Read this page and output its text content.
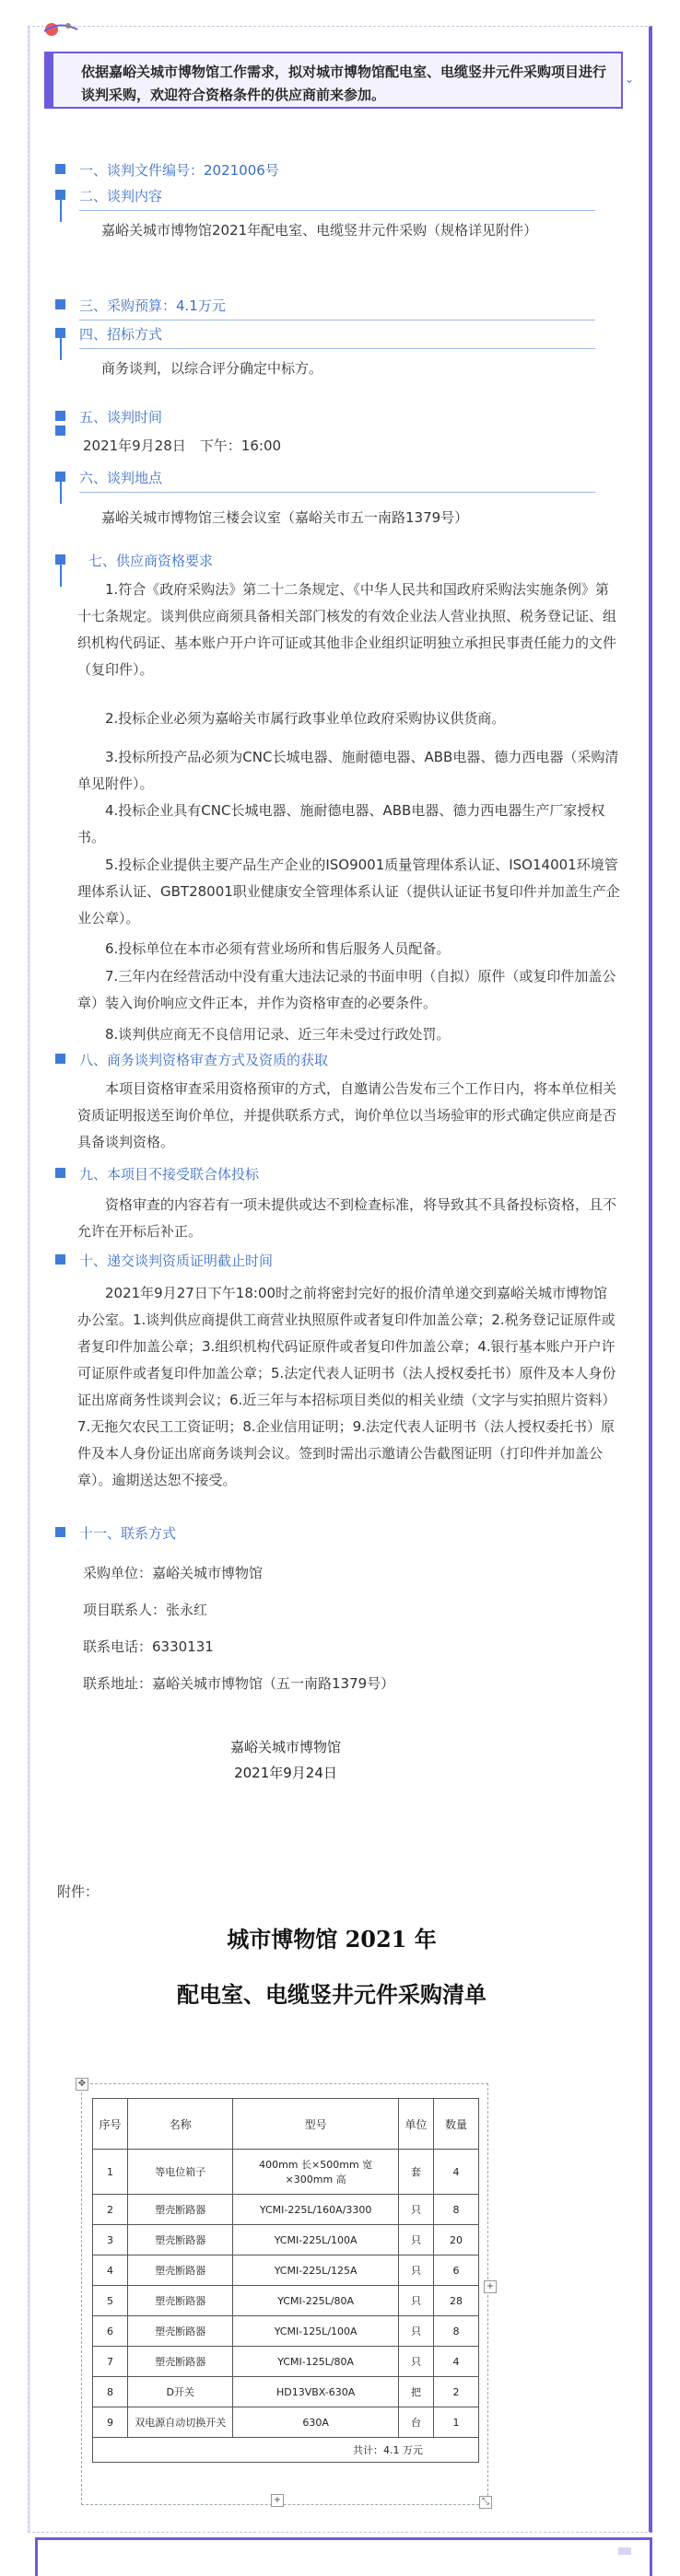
依据嘉峪关城市博物馆工作需求，拟对城市博物馆配电室、电缆竖井元件采购项目进行谈判采购，欢迎符合资格条件的供应商前来参加。
⌄
一、谈判文件编号：2021006号
二、谈判内容
嘉峪关城市博物馆2021年配电室、电缆竖井元件采购（规格详见附件）
三、采购预算：4.1万元
四、招标方式
商务谈判，以综合评分确定中标方。
五、谈判时间
2021年9月28日　下午：16:00
六、谈判地点
嘉峪关城市博物馆三楼会议室（嘉峪关市五一南路1379号）
七、供应商资格要求
1.符合《政府采购法》第二十二条规定、《中华人民共和国政府采购法实施条例》第十七条规定。谈判供应商须具备相关部门核发的有效企业法人营业执照、税务登记证、组织机构代码证、基本账户开户许可证或其他非企业组织证明独立承担民事责任能力的文件（复印件）。
2.投标企业必须为嘉峪关市属行政事业单位政府采购协议供货商。
3.投标所投产品必须为CNC长城电器、施耐德电器、ABB电器、德力西电器（采购清单见附件）。
4.投标企业具有CNC长城电器、施耐德电器、ABB电器、德力西电器生产厂家授权书。
5.投标企业提供主要产品生产企业的ISO9001质量管理体系认证、ISO14001环境管理体系认证、GBT28001职业健康安全管理体系认证（提供认证证书复印件并加盖生产企业公章）。
6.投标单位在本市必须有营业场所和售后服务人员配备。
7.三年内在经营活动中没有重大违法记录的书面申明（自拟）原件（或复印件加盖公章）装入询价响应文件正本，并作为资格审查的必要条件。
8.谈判供应商无不良信用记录、近三年未受过行政处罚。
八、商务谈判资格审查方式及资质的获取
本项目资格审查采用资格预审的方式，自邀请公告发布三个工作日内，将本单位相关资质证明报送至询价单位，并提供联系方式，询价单位以当场验审的形式确定供应商是否具备谈判资格。
九、本项目不接受联合体投标
资格审查的内容若有一项未提供或达不到检查标准，将导致其不具备投标资格，且不允许在开标后补正。
十、递交谈判资质证明截止时间
2021年9月27日下午18:00时之前将密封完好的报价清单递交到嘉峪关城市博物馆办公室。1.谈判供应商提供工商营业执照原件或者复印件加盖公章；2.税务登记证原件或者复印件加盖公章；3.组织机构代码证原件或者复印件加盖公章；4.银行基本账户开户许可证原件或者复印件加盖公章；5.法定代表人证明书（法人授权委托书）原件及本人身份证出席商务性谈判会议；6.近三年与本招标项目类似的相关业绩（文字与实拍照片资料）7.无拖欠农民工工资证明；8.企业信用证明；9.法定代表人证明书（法人授权委托书）原件及本人身份证出席商务谈判会议。签到时需出示邀请公告截图证明（打印件并加盖公章）。逾期送达恕不接受。
十一、联系方式
采购单位：嘉峪关城市博物馆
项目联系人：张永红
联系电话：6330131
联系地址：嘉峪关城市博物馆（五一南路1379号）
嘉峪关城市博物馆
2021年9月24日
附件：
城市博物馆 2021 年
配电室、电缆竖井元件采购清单
✥
+
+	⤡
序号	名称	型号	单位	数量
1	等电位箱子	400mm 长×500mm 宽×300mm 高	套	4
2	塑壳断路器	YCMI-225L/160A/3300	只	8
3	塑壳断路器	YCMI-225L/100A	只	20
4	塑壳断路器	YCMI-225L/125A	只	6
5	塑壳断路器	YCMI-225L/80A	只	28
6	塑壳断路器	YCMI-125L/100A	只	8
7	塑壳断路器	YCMI-125L/80A	只	4
8	D开关	HD13VBX-630A	把	2
9	双电源自动切换开关	630A	台	1
共计：4.1 万元				
